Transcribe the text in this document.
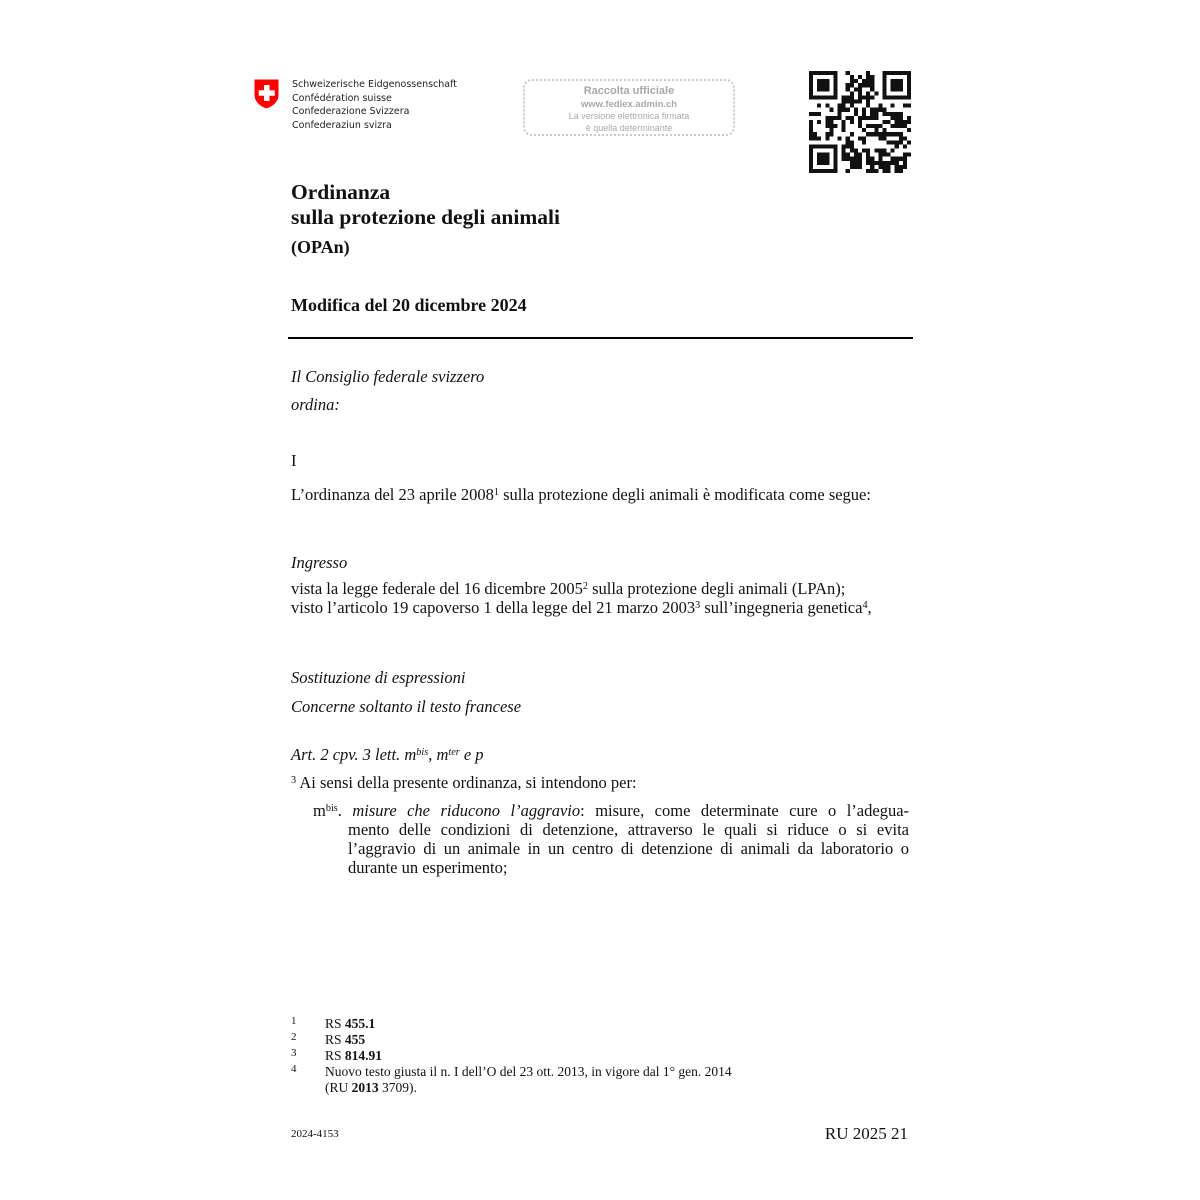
Schweizerische Eidgenossenschaft
Confédération suisse
Confederazione Svizzera
Confederaziun svizra
Raccolta ufficiale
www.fedlex.admin.ch
La versione elettronica firmata
è quella determinante
Ordinanza
sulla protezione degli animali
(OPAn)
Modifica del 20 dicembre 2024
Il Consiglio federale svizzero
ordina:
I
L’ordinanza del 23 aprile 2008$^1$ sulla protezione degli animali è modificata come segue:
Ingresso
vista la legge federale del 16 dicembre 2005$^2$ sulla protezione degli animali (LPAn);
visto l’articolo 19 capoverso 1 della legge del 21 marzo 2003$^3$ sull’ingegneria genetica$^4$,
Sostituzione di espressioni
Concerne soltanto il testo francese
Art. 2 cpv. 3 lett. $m^{bis}$, $m^{ter}$ e p
$^3$ Ai sensi della presente ordinanza, si intendono per:
$m^{bis}$. misure che riducono l’aggravio: misure, come determinate cure o l’adegua-
mento delle condizioni di detenzione, attraverso le quali si riduce o si evita l’aggravio di un animale in un centro di detenzione di animali da laboratorio o durante un esperimento;
1 RS 455.1
2 RS 455
3 RS 814.91
4 Nuovo testo giusta il n. I dell’O del 23 ott. 2013, in vigore dal 1° gen. 2014
(RU 2013 3709).
2024-4153	RU 2025 21
